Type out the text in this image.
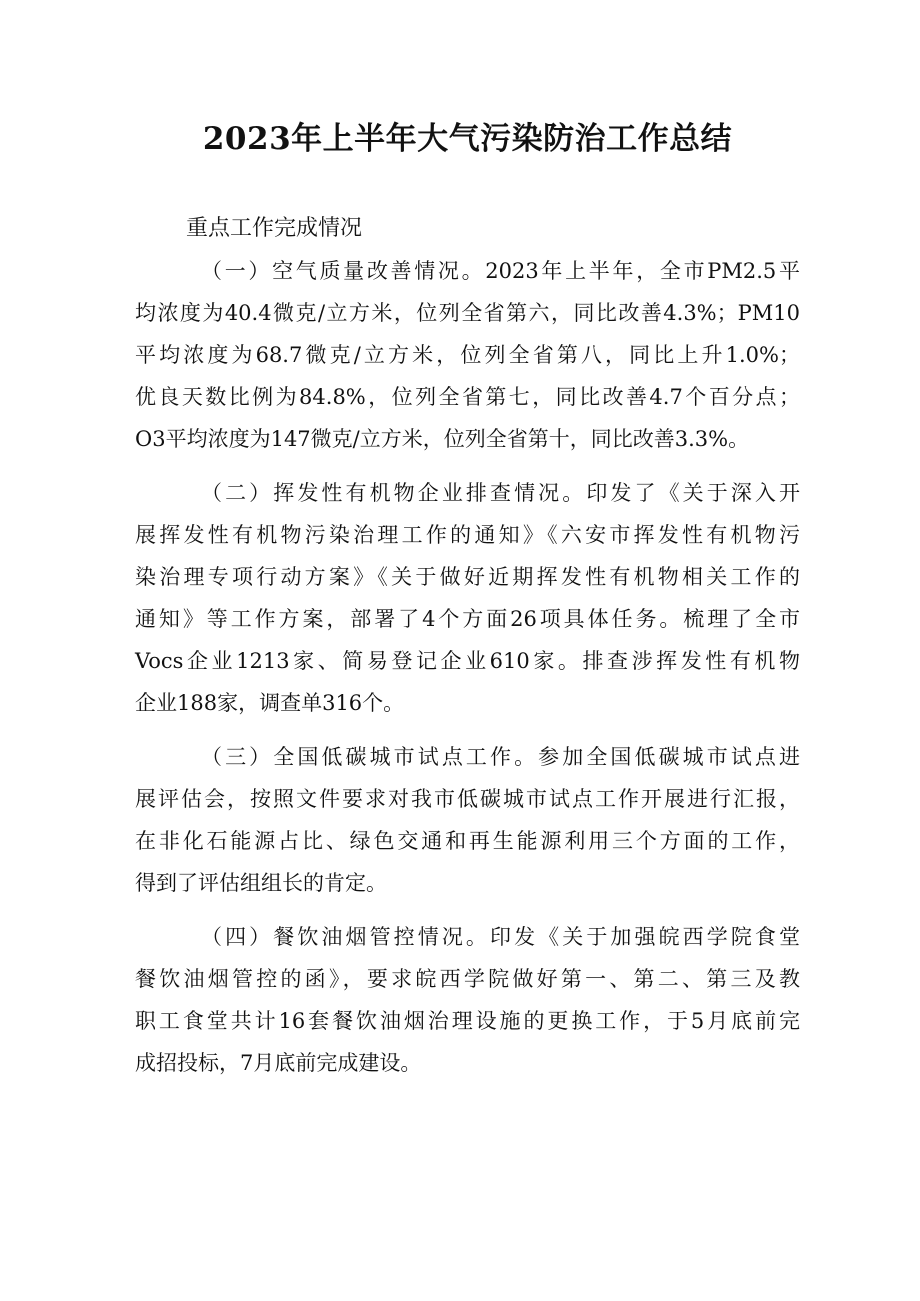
2023年上半年大气污染防治工作总结

重点工作完成情况

（一）空气质量改善情况。2023年上半年，全市PM2.5平
均浓度为40.4微克/立方米，位列全省第六，同比改善4.3%；PM10
平均浓度为68.7微克/立方米，位列全省第八，同比上升1.0%；
优良天数比例为84.8%，位列全省第七，同比改善4.7个百分点；
O3平均浓度为147微克/立方米，位列全省第十，同比改善3.3%。

（二）挥发性有机物企业排查情况。印发了《关于深入开
展挥发性有机物污染治理工作的通知》《六安市挥发性有机物污
染治理专项行动方案》《关于做好近期挥发性有机物相关工作的
通知》等工作方案，部署了4个方面26项具体任务。梳理了全市
Vocs企业1213家、简易登记企业610家。排查涉挥发性有机物
企业188家，调查单316个。

（三）全国低碳城市试点工作。参加全国低碳城市试点进
展评估会，按照文件要求对我市低碳城市试点工作开展进行汇报，
在非化石能源占比、绿色交通和再生能源利用三个方面的工作，
得到了评估组组长的肯定。

（四）餐饮油烟管控情况。印发《关于加强皖西学院食堂
餐饮油烟管控的函》，要求皖西学院做好第一、第二、第三及教
职工食堂共计16套餐饮油烟治理设施的更换工作，于5月底前完
成招投标，7月底前完成建设。
